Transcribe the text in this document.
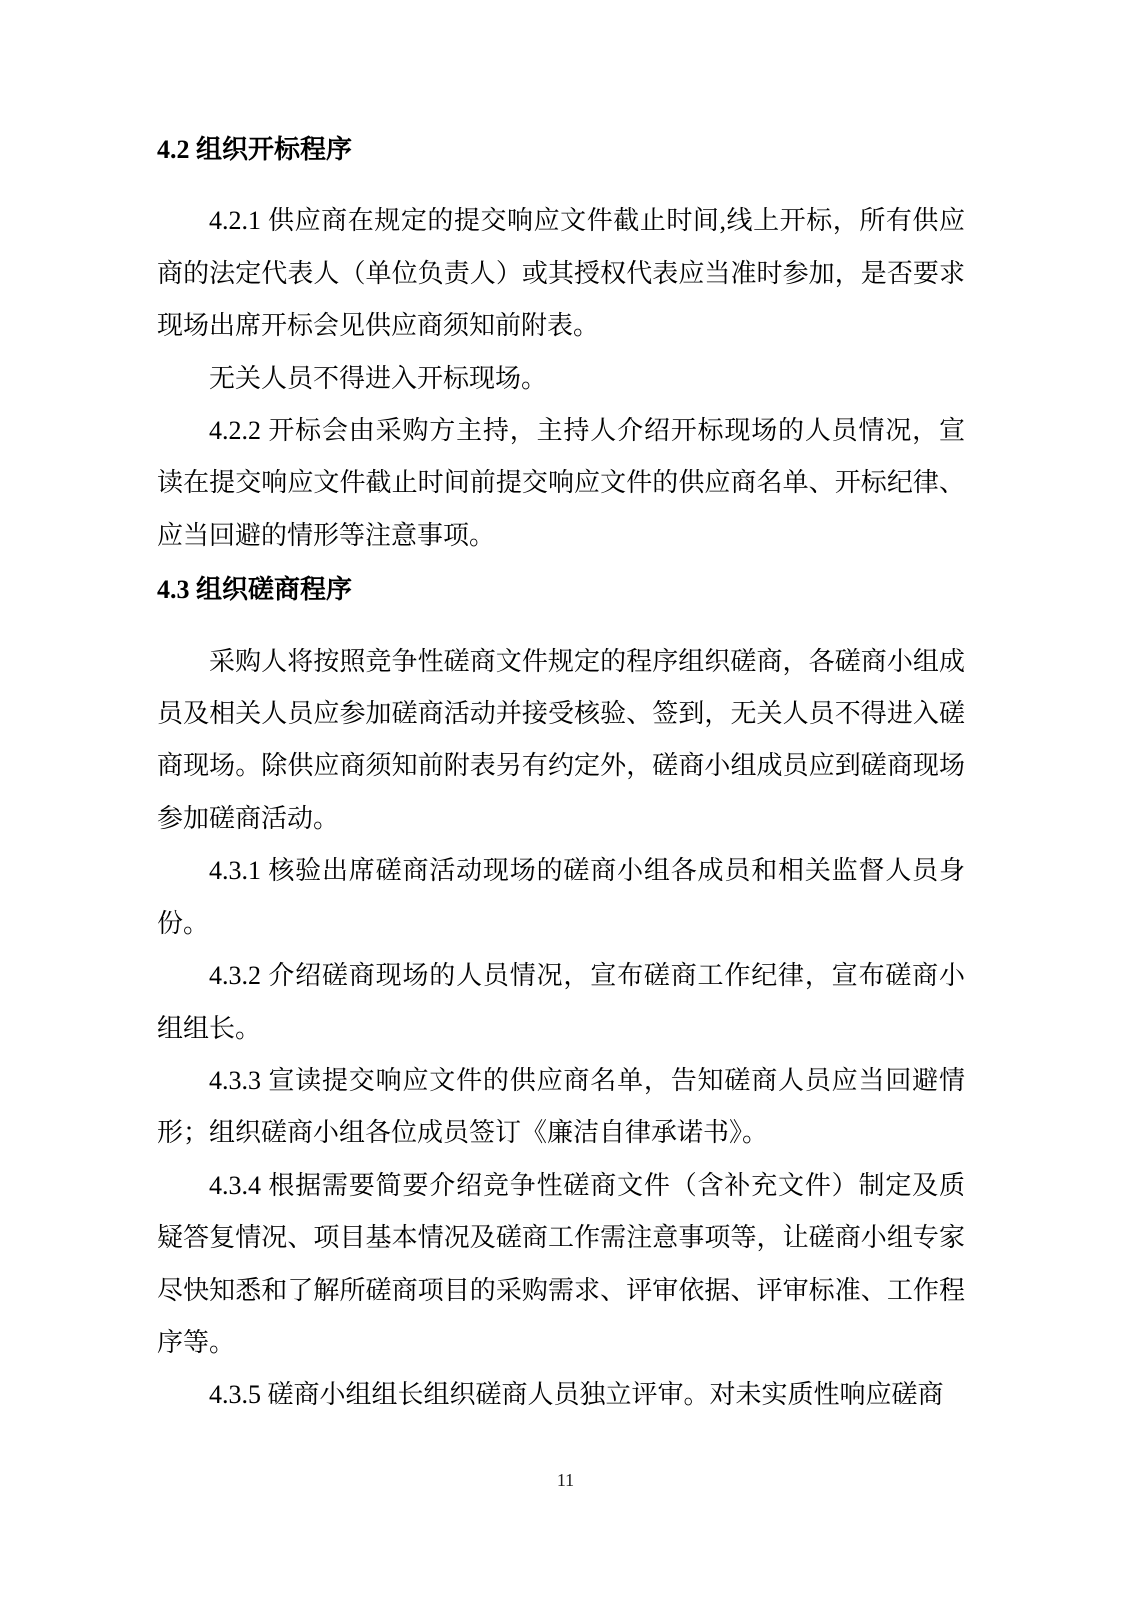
4.2 组织开标程序

4.2.1 供应商在规定的提交响应文件截止时间,线上开标，所有供应商的法定代表人（单位负责人）或其授权代表应当准时参加，是否要求现场出席开标会见供应商须知前附表。

无关人员不得进入开标现场。

4.2.2 开标会由采购方主持，主持人介绍开标现场的人员情况，宣读在提交响应文件截止时间前提交响应文件的供应商名单、开标纪律、应当回避的情形等注意事项。

4.3 组织磋商程序

采购人将按照竞争性磋商文件规定的程序组织磋商，各磋商小组成员及相关人员应参加磋商活动并接受核验、签到，无关人员不得进入磋商现场。除供应商须知前附表另有约定外，磋商小组成员应到磋商现场参加磋商活动。

4.3.1 核验出席磋商活动现场的磋商小组各成员和相关监督人员身份。

4.3.2 介绍磋商现场的人员情况，宣布磋商工作纪律，宣布磋商小组组长。

4.3.3 宣读提交响应文件的供应商名单，告知磋商人员应当回避情形；组织磋商小组各位成员签订《廉洁自律承诺书》。

4.3.4 根据需要简要介绍竞争性磋商文件（含补充文件）制定及质疑答复情况、项目基本情况及磋商工作需注意事项等，让磋商小组专家尽快知悉和了解所磋商项目的采购需求、评审依据、评审标准、工作程序等。

4.3.5 磋商小组组长组织磋商人员独立评审。对未实质性响应磋商

11
